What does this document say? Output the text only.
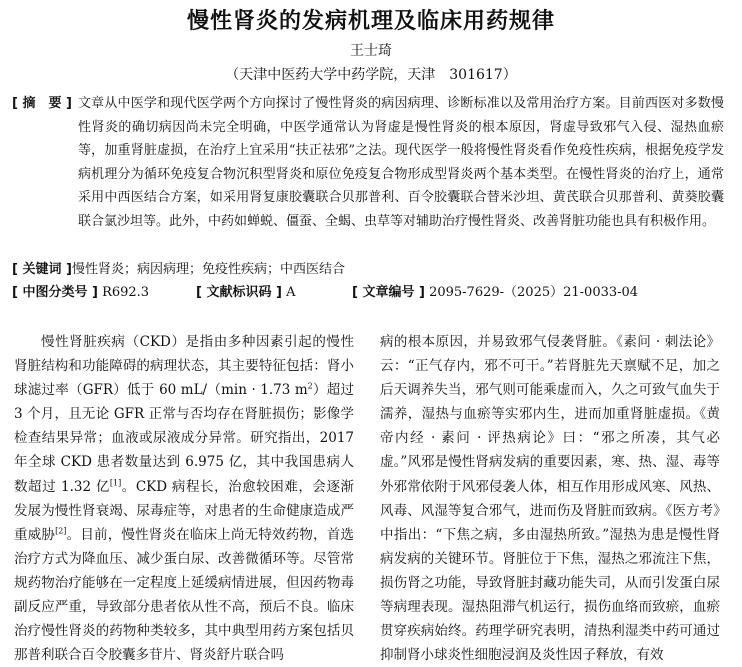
慢性肾炎的发病机理及临床用药规律
王士琦
（天津中医药大学中药学院，天津　301617）
[ 摘　要 ] 文章从中医学和现代医学两个方向探讨了慢性肾炎的病因病理、诊断标准以及常用治疗方案。目前西医对多数慢性肾炎的确切病因尚未完全明确，中医学通常认为肾虚是慢性肾炎的根本原因，肾虚导致邪气入侵、湿热血瘀等，加重肾脏虚损，在治疗上宜采用“扶正祛邪”之法。现代医学一般将慢性肾炎看作免疫性疾病，根据免疫学发病机理分为循环免疫复合物沉积型肾炎和原位免疫复合物形成型肾炎两个基本类型。在慢性肾炎的治疗上，通常采用中西医结合方案，如采用肾复康胶囊联合贝那普利、百令胶囊联合替米沙坦、黄芪联合贝那普利、黄葵胶囊联合氯沙坦等。此外，中药如蝉蜕、僵蚕、全蝎、虫草等对辅助治疗慢性肾炎、改善肾脏功能也具有积极作用。
[ 关键词 ]慢性肾炎；病因病理；免疫性疾病；中西医结合
[ 中图分类号 ] R692.3	[ 文献标识码 ] A	[ 文章编号 ] 2095-7629-（2025）21-0033-04

慢性肾脏疾病（CKD）是指由多种因素引起的慢性肾脏结构和功能障碍的病理状态，其主要特征包括：肾小球滤过率（GFR）低于 60 mL/（min · 1.73 $m^2$）超过 3 个月，且无论 GFR 正常与否均存在肾脏损伤；影像学检查结果异常；血液或尿液成分异常。研究指出，2017 年全球 CKD 患者数量达到 6.975 亿，其中我国患病人数超过 1.32 亿[1]。CKD 病程长，治愈较困难，会逐渐发展为慢性肾衰竭、尿毒症等，对患者的生命健康造成严重威胁[2]。目前，慢性肾炎在临床上尚无特效药物，首选治疗方式为降血压、减少蛋白尿、改善微循环等。尽管常规药物治疗能够在一定程度上延缓病情进展，但因药物毒副反应严重，导致部分患者依从性不高，预后不良。临床治疗慢性肾炎的药物种类较多，其中典型用药方案包括贝那普利联合百令胶囊多苷片、肾炎舒片联合吗

病的根本原因，并易致邪气侵袭肾脏。《素问 · 刺法论》云：“正气存内，邪不可干。”若肾脏先天禀赋不足，加之后天调养失当，邪气则可能乘虚而入，久之可致气血失于濡养，湿热与血瘀等实邪内生，进而加重肾脏虚损。《黄帝内经 · 素问 · 评热病论》曰：“邪之所凑，其气必虚。”风邪是慢性肾病发病的重要因素，寒、热、湿、毒等外邪常依附于风邪侵袭人体，相互作用形成风寒、风热、风毒、风湿等复合邪气，进而伤及肾脏而致病。《医方考》中指出：“下焦之病，多由湿热所致。”湿热为患是慢性肾病发病的关键环节。肾脏位于下焦，湿热之邪流注下焦，损伤肾之功能，导致肾脏封藏功能失司，从而引发蛋白尿等病理表现。湿热阻滞气机运行，损伤血络而致瘀，血瘀贯穿疾病始终。药理学研究表明，清热利湿类中药可通过抑制肾小球炎性细胞浸润及炎性因子释放，有效
